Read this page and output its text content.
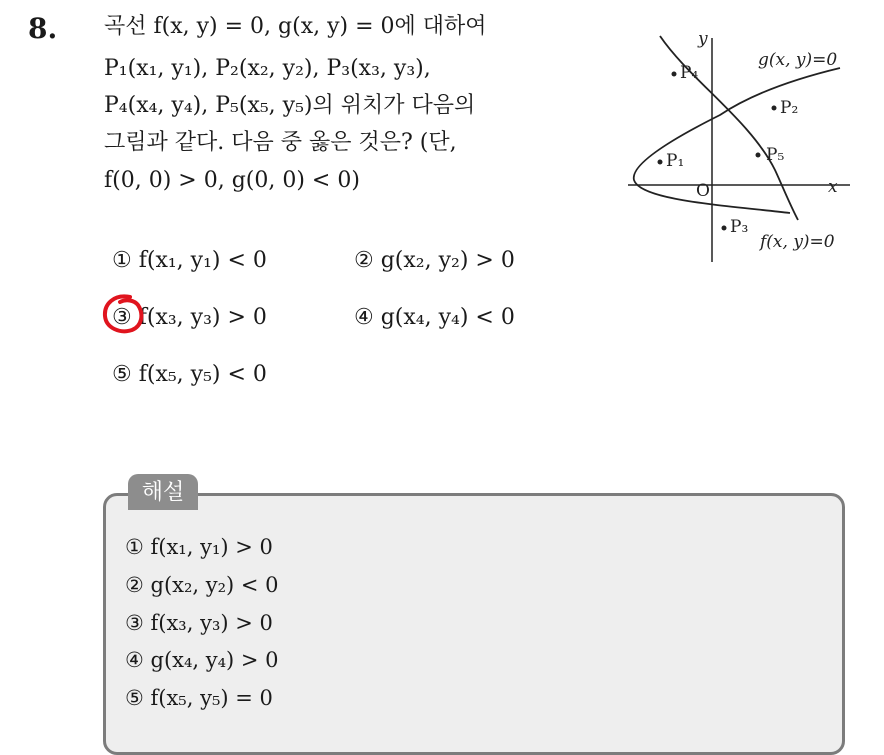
8. 곡선 f(x, y) = 0, g(x, y) = 0에 대하여
P₁(x₁, y₁), P₂(x₂, y₂), P₃(x₃, y₃),
P₄(x₄, y₄), P₅(x₅, y₅)의 위치가 다음의
그림과 같다. 다음 중 옳은 것은? (단,
f(0, 0) > 0, g(0, 0) < 0)
y
x
O
g(x, y)=0
f(x, y)=0
P₄
P₂
P₁	P₅
P₃
① f(x₁, y₁) < 0	② g(x₂, y₂) > 0
③ f(x₃, y₃) > 0	④ g(x₄, y₄) < 0
⑤ f(x₅, y₅) < 0
해설
① f(x₁, y₁) > 0
② g(x₂, y₂) < 0
③ f(x₃, y₃) > 0
④ g(x₄, y₄) > 0
⑤ f(x₅, y₅) = 0
